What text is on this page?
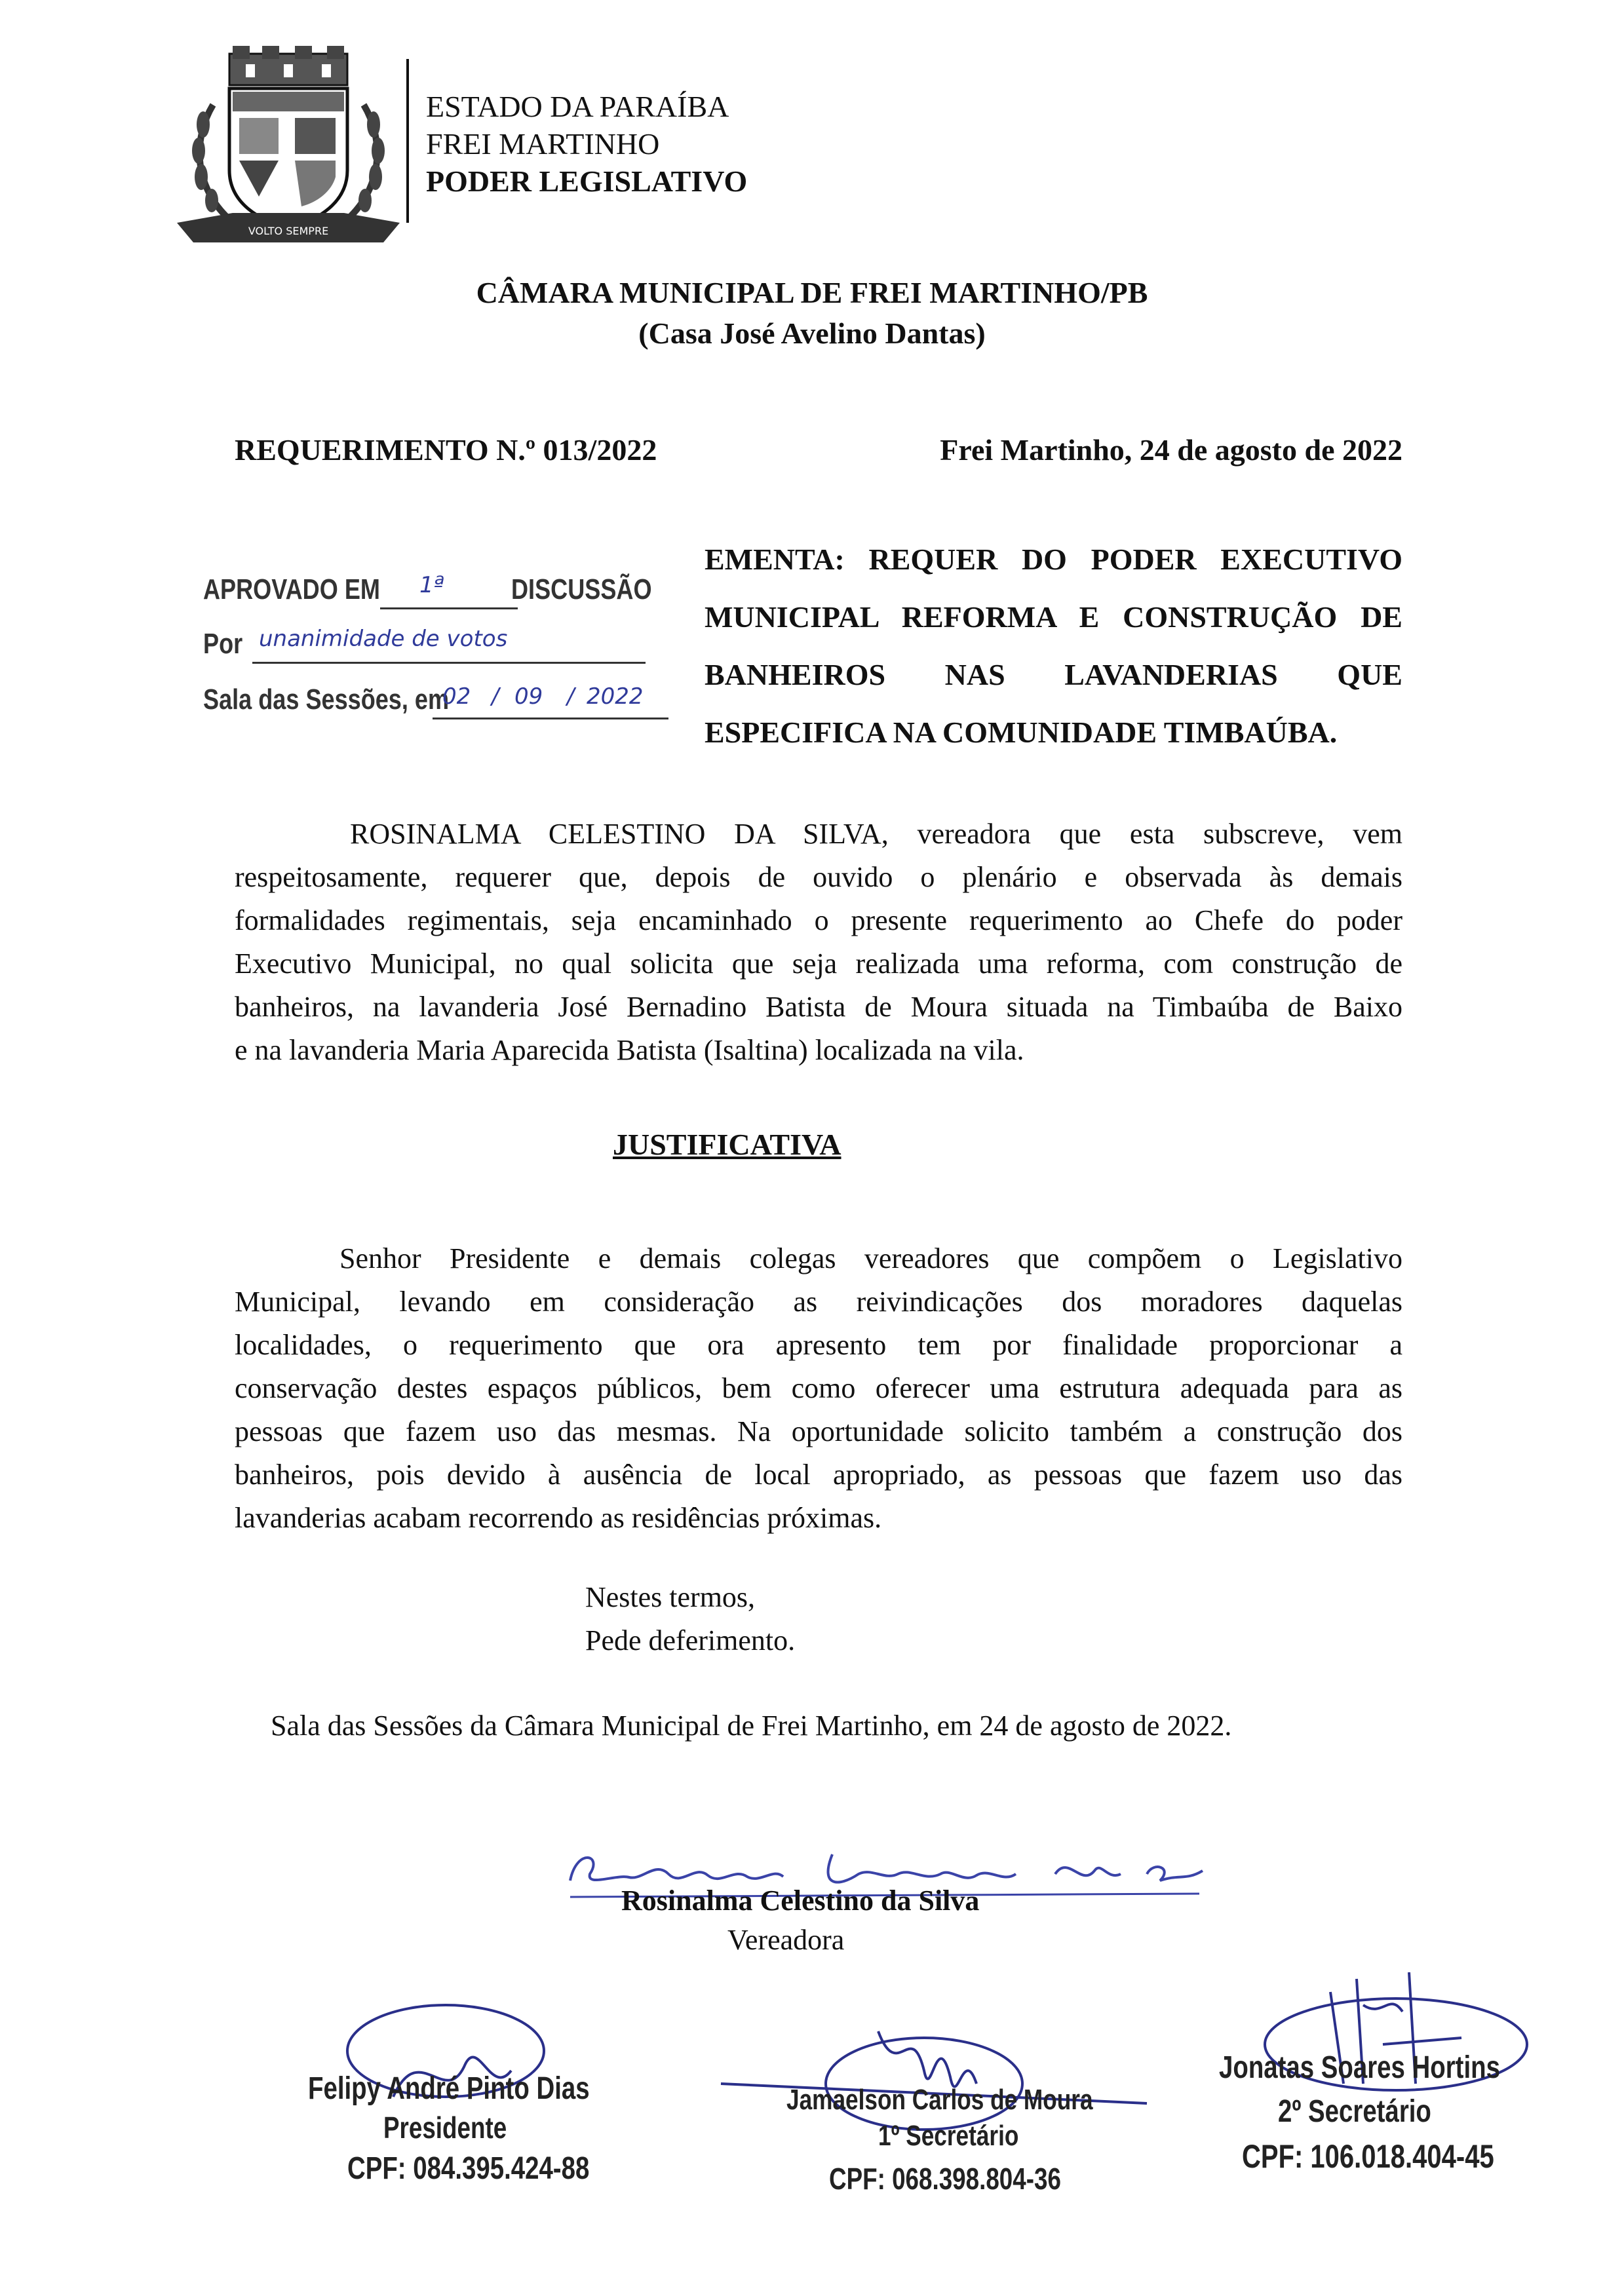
VOLTO SEMPRE
ESTADO DA PARAÍBA
FREI MARTINHO
PODER LEGISLATIVO
CÂMARA MUNICIPAL DE FREI MARTINHO/PB
(Casa José Avelino Dantas)
REQUERIMENTO N.º 013/2022	Frei Martinho, 24 de agosto de 2022
APROVADO EM 1ª DISCUSSÃO
Por unanimidade de votos
Sala das Sessões, em
02 / 09 / 2022
EMENTA: REQUER DO PODER EXECUTIVO
MUNICIPAL REFORMA E CONSTRUÇÃO DE
BANHEIROS NAS LAVANDERIAS QUE
ESPECIFICA NA COMUNIDADE TIMBAÚBA.
ROSINALMA CELESTINO DA SILVA, vereadora que esta subscreve, vem
respeitosamente, requerer que, depois de ouvido o plenário e observada às demais
formalidades regimentais, seja encaminhado o presente requerimento ao Chefe do poder
Executivo Municipal, no qual solicita que seja realizada uma reforma, com construção de
banheiros, na lavanderia José Bernadino Batista de Moura situada na Timbaúba de Baixo
e na lavanderia Maria Aparecida Batista (Isaltina) localizada na vila.
JUSTIFICATIVA
Senhor Presidente e demais colegas vereadores que compõem o Legislativo
Municipal, levando em consideração as reivindicações dos moradores daquelas
localidades, o requerimento que ora apresento tem por finalidade proporcionar a
conservação destes espaços públicos, bem como oferecer uma estrutura adequada para as
pessoas que fazem uso das mesmas. Na oportunidade solicito também a construção dos
banheiros, pois devido à ausência de local apropriado, as pessoas que fazem uso das
lavanderias acabam recorrendo as residências próximas.
Nestes termos,
Pede deferimento.
Sala das Sessões da Câmara Municipal de Frei Martinho, em 24 de agosto de 2022.
Rosinalma Celestino da Silva
Vereadora
Felipy André Pinto Dias
Presidente
CPF: 084.395.424-88
Jamaelson Carlos de Moura
1º Secretário
CPF: 068.398.804-36
Jonatas Soares Hortins
2º Secretário
CPF: 106.018.404-45
